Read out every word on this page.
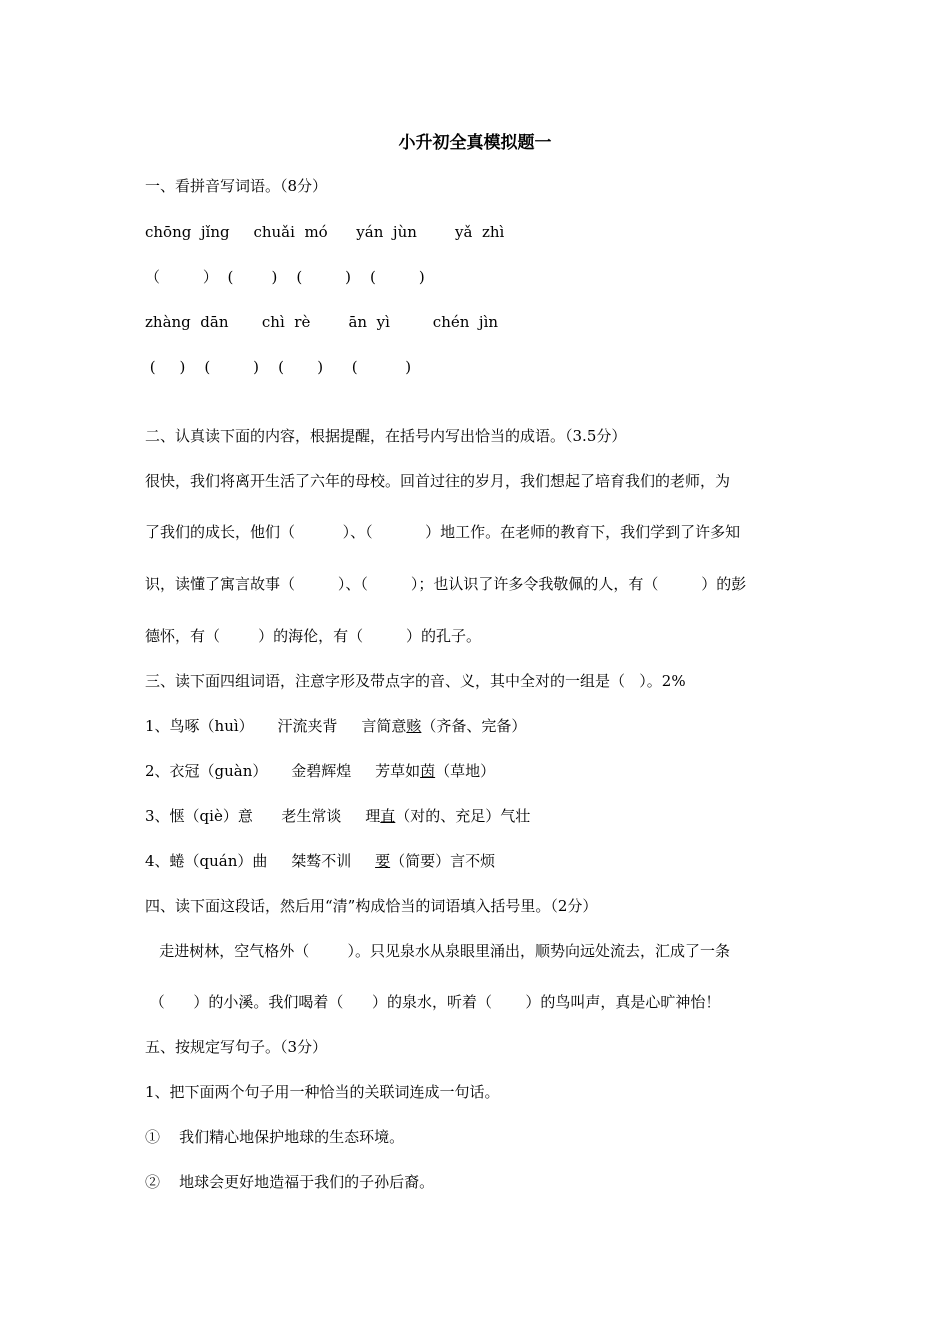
小升初全真模拟题一
一、看拼音写词语。（8分）
chōng  jǐng     chuǎi  mó      yán  jùn        yǎ  zhì
（         ）  (        )    (         )    (         )
zhàng  dān       chì  rè        ān  yì         chén  jìn
(     )    (         )    (       )      (          )
二、认真读下面的内容，根据提醒，在括号内写出恰当的成语。（3.5分）
很快，我们将离开生活了六年的母校。回首过往的岁月，我们想起了培育我们的老师，为
了我们的成长，他们（          ）、（           ）地工作。在老师的教育下，我们学到了许多知
识，读懂了寓言故事（         ）、（         ）；也认识了许多令我敬佩的人，有（         ）的彭
德怀，有（        ）的海伦，有（         ）的孔子。
三、读下面四组词语，注意字形及带点字的音、义，其中全对的一组是（   ）。2%
1、鸟啄（huì）     汗流夹背     言简意赅（齐备、完备）
2、衣冠（guàn）     金碧辉煌     芳草如茵（草地）
3、惬（qiè）意      老生常谈     理直（对的、充足）气壮
4、蜷（quán）曲     桀骜不训     要（简要）言不烦
四、读下面这段话，然后用“清”构成恰当的词语填入括号里。（2分）
走进树林，空气格外（        ）。只见泉水从泉眼里涌出，顺势向远处流去，汇成了一条
（      ）的小溪。我们喝着（      ）的泉水，听着（       ）的鸟叫声，真是心旷神怡！
五、按规定写句子。（3分）
1、把下面两个句子用一种恰当的关联词连成一句话。
①    我们精心地保护地球的生态环境。
②    地球会更好地造福于我们的子孙后裔。
